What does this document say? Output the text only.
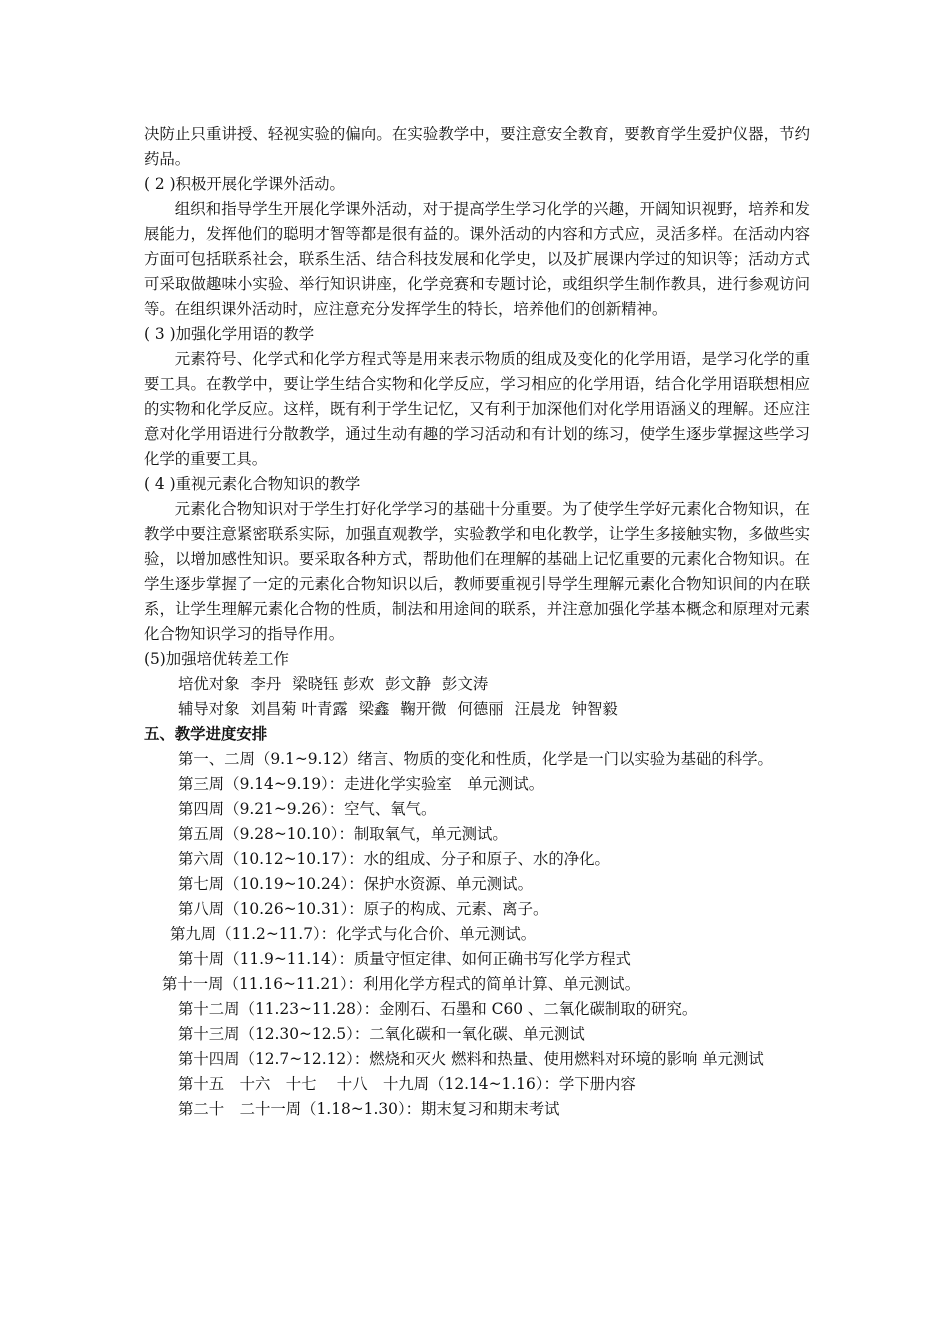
决防止只重讲授、轻视实验的偏向。在实验教学中，要注意安全教育，要教育学生爱护仪器，节约药品。

( 2 )积极开展化学课外活动。

组织和指导学生开展化学课外活动，对于提高学生学习化学的兴趣，开阔知识视野，培养和发展能力，发挥他们的聪明才智等都是很有益的。课外活动的内容和方式应，灵活多样。在活动内容方面可包括联系社会，联系生活、结合科技发展和化学史，以及扩展课内学过的知识等；活动方式可采取做趣味小实验、举行知识讲座，化学竞赛和专题讨论，或组织学生制作教具，进行参观访问等。在组织课外活动时，应注意充分发挥学生的特长，培养他们的创新精神。

( 3 )加强化学用语的教学

元素符号、化学式和化学方程式等是用来表示物质的组成及变化的化学用语，是学习化学的重要工具。在教学中，要让学生结合实物和化学反应，学习相应的化学用语，结合化学用语联想相应的实物和化学反应。这样，既有利于学生记忆，又有利于加深他们对化学用语涵义的理解。还应注意对化学用语进行分散教学，通过生动有趣的学习活动和有计划的练习，使学生逐步掌握这些学习化学的重要工具。

( 4 )重视元素化合物知识的教学

元素化合物知识对于学生打好化学学习的基础十分重要。为了使学生学好元素化合物知识，在教学中要注意紧密联系实际，加强直观教学，实验教学和电化教学，让学生多接触实物，多做些实验，以增加感性知识。要采取各种方式，帮助他们在理解的基础上记忆重要的元素化合物知识。在学生逐步掌握了一定的元素化合物知识以后，教师要重视引导学生理解元素化合物知识间的内在联系，让学生理解元素化合物的性质，制法和用途间的联系，并注意加强化学基本概念和原理对元素化合物知识学习的指导作用。

(5)加强培优转差工作

培优对象 李丹 梁晓钰 彭欢 彭文静 彭文涛

辅导对象 刘昌菊 叶青露 梁鑫 鞠开微 何德丽 汪晨龙 钟智毅

五、教学进度安排

第一、二周（9.1~9.12）绪言、物质的变化和性质，化学是一门以实验为基础的科学。

第三周（9.14~9.19）：走进化学实验室　单元测试。

第四周（9.21~9.26）：空气、氧气。

第五周（9.28~10.10）：制取氧气，单元测试。

第六周（10.12~10.17）：水的组成、分子和原子、水的净化。

第七周（10.19~10.24）：保护水资源、单元测试。

第八周（10.26~10.31）：原子的构成、元素、离子。

第九周（11.2~11.7）：化学式与化合价、单元测试。

第十周（11.9~11.14）：质量守恒定律、如何正确书写化学方程式

第十一周（11.16~11.21）：利用化学方程式的简单计算、单元测试。

第十二周（11.23~11.28）：金刚石、石墨和 C60 、二氧化碳制取的研究。

第十三周（12.30~12.5）：二氧化碳和一氧化碳、单元测试

第十四周（12.7~12.12）：燃烧和灭火 燃料和热量、使用燃料对环境的影响 单元测试

第十五　十六　十七　 十八　十九周（12.14~1.16）：学下册内容

第二十　二十一周（1.18~1.30）：期末复习和期末考试
